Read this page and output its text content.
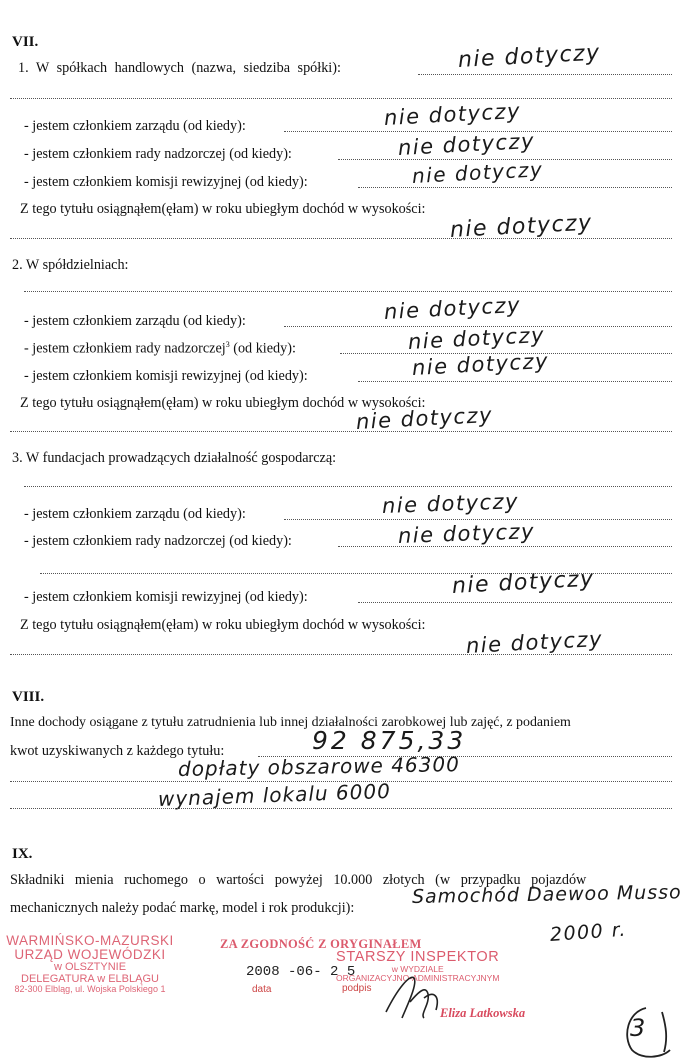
VII.
1. W spółkach handlowych (nazwa, siedziba spółki):	nie dotyczy
- jestem członkiem zarządu (od kiedy):	nie dotyczy
- jestem członkiem rady nadzorczej (od kiedy):	nie dotyczy
- jestem członkiem komisji rewizyjnej (od kiedy):	nie dotyczy
Z tego tytułu osiągnąłem(ęłam) w roku ubiegłym dochód w wysokości:
nie dotyczy
2. W spółdzielniach:
- jestem członkiem zarządu (od kiedy):	nie dotyczy
- jestem członkiem rady nadzorczej$^3$ (od kiedy):	nie dotyczy
- jestem członkiem komisji rewizyjnej (od kiedy):	nie dotyczy
Z tego tytułu osiągnąłem(ęłam) w roku ubiegłym dochód w wysokości:
nie dotyczy
3. W fundacjach prowadzących działalność gospodarczą:
- jestem członkiem zarządu (od kiedy):	nie dotyczy
- jestem członkiem rady nadzorczej (od kiedy):	nie dotyczy
- jestem członkiem komisji rewizyjnej (od kiedy):	nie dotyczy
Z tego tytułu osiągnąłem(ęłam) w roku ubiegłym dochód w wysokości:
nie dotyczy
VIII.
Inne dochody osiągane z tytułu zatrudnienia lub innej działalności zarobkowej lub zajęć, z podaniem
kwot uzyskiwanych z każdego tytułu:	92 875,33
dopłaty obszarowe 46300
wynajem lokalu 6000
IX.
Składniki mienia ruchomego o wartości powyżej 10.000 złotych (w przypadku pojazdów
mechanicznych należy podać markę, model i rok produkcji):
Samochód Daewoo Musso
2000 r.
WARMIŃSKO-MAZURSKI
URZĄD WOJEWÓDZKI
w OLSZTYNIE
DELEGATURA w ELBLĄGU
82-300 Elbląg, ul. Wojska Polskiego 1
ZA ZGODNOŚĆ Z ORYGINAŁEM
2008 -06- 2 5
data	podpis
STARSZY INSPEKTOR
w WYDZIALE
ORGANIZACYJNO-ADMINISTRACYJNYM
Eliza Latkowska
3
